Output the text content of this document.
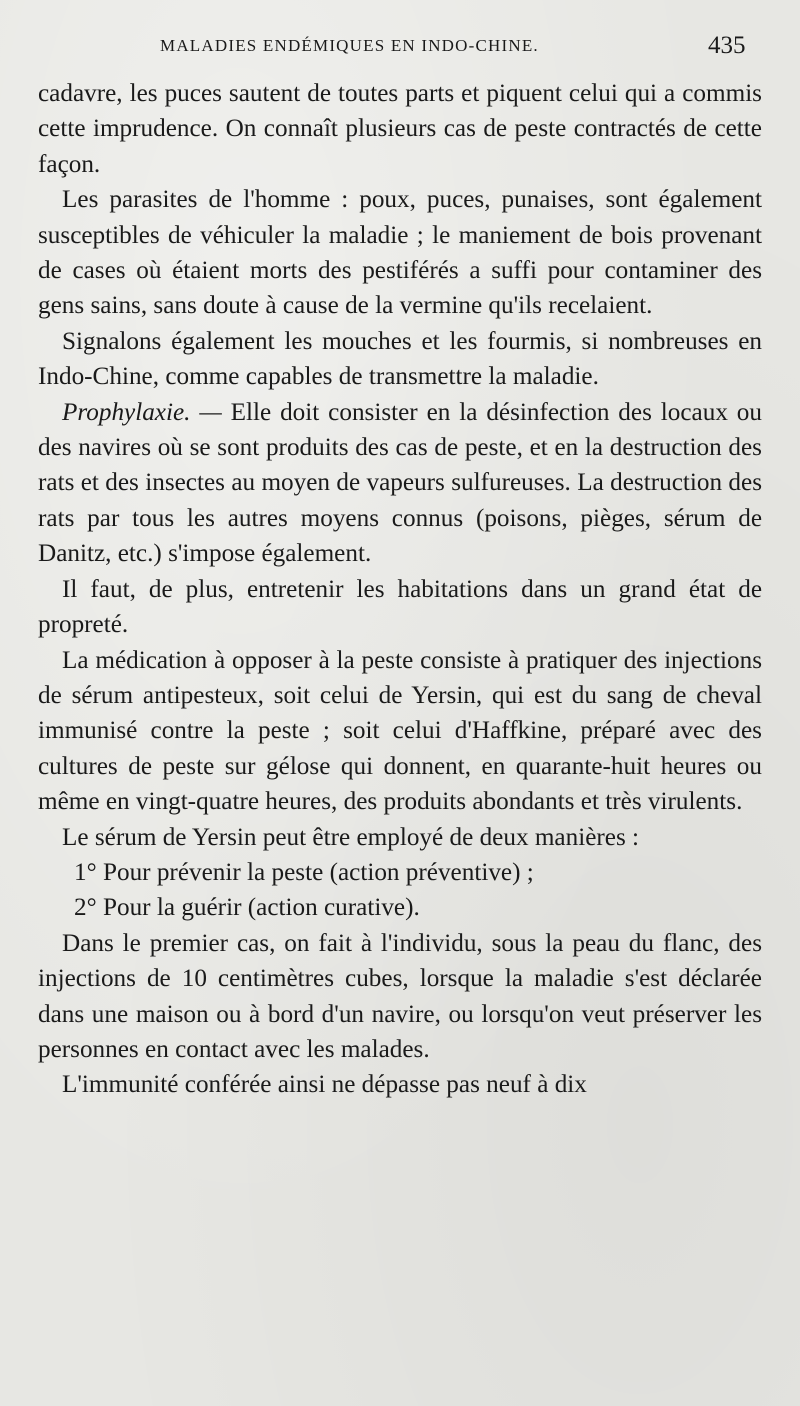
MALADIES ENDÉMIQUES EN INDO-CHINE.	435

cadavre, les puces sautent de toutes parts et piquent celui qui a commis cette imprudence. On connaît plusieurs cas de peste contractés de cette façon.

Les parasites de l'homme : poux, puces, punaises, sont également susceptibles de véhiculer la maladie ; le maniement de bois provenant de cases où étaient morts des pestiférés a suffi pour contaminer des gens sains, sans doute à cause de la vermine qu'ils recelaient.

Signalons également les mouches et les fourmis, si nombreuses en Indo-Chine, comme capables de transmettre la maladie.

Prophylaxie. — Elle doit consister en la désinfection des locaux ou des navires où se sont produits des cas de peste, et en la destruction des rats et des insectes au moyen de vapeurs sulfureuses. La destruction des rats par tous les autres moyens connus (poisons, pièges, sérum de Danitz, etc.) s'impose également.

Il faut, de plus, entretenir les habitations dans un grand état de propreté.

La médication à opposer à la peste consiste à pratiquer des injections de sérum antipesteux, soit celui de Yersin, qui est du sang de cheval immunisé contre la peste ; soit celui d'Haffkine, préparé avec des cultures de peste sur gélose qui donnent, en quarante-huit heures ou même en vingt-quatre heures, des produits abondants et très virulents.

Le sérum de Yersin peut être employé de deux manières :

1° Pour prévenir la peste (action préventive) ;

2° Pour la guérir (action curative).

Dans le premier cas, on fait à l'individu, sous la peau du flanc, des injections de 10 centimètres cubes, lorsque la maladie s'est déclarée dans une maison ou à bord d'un navire, ou lorsqu'on veut préserver les personnes en contact avec les malades.

L'immunité conférée ainsi ne dépasse pas neuf à dix
